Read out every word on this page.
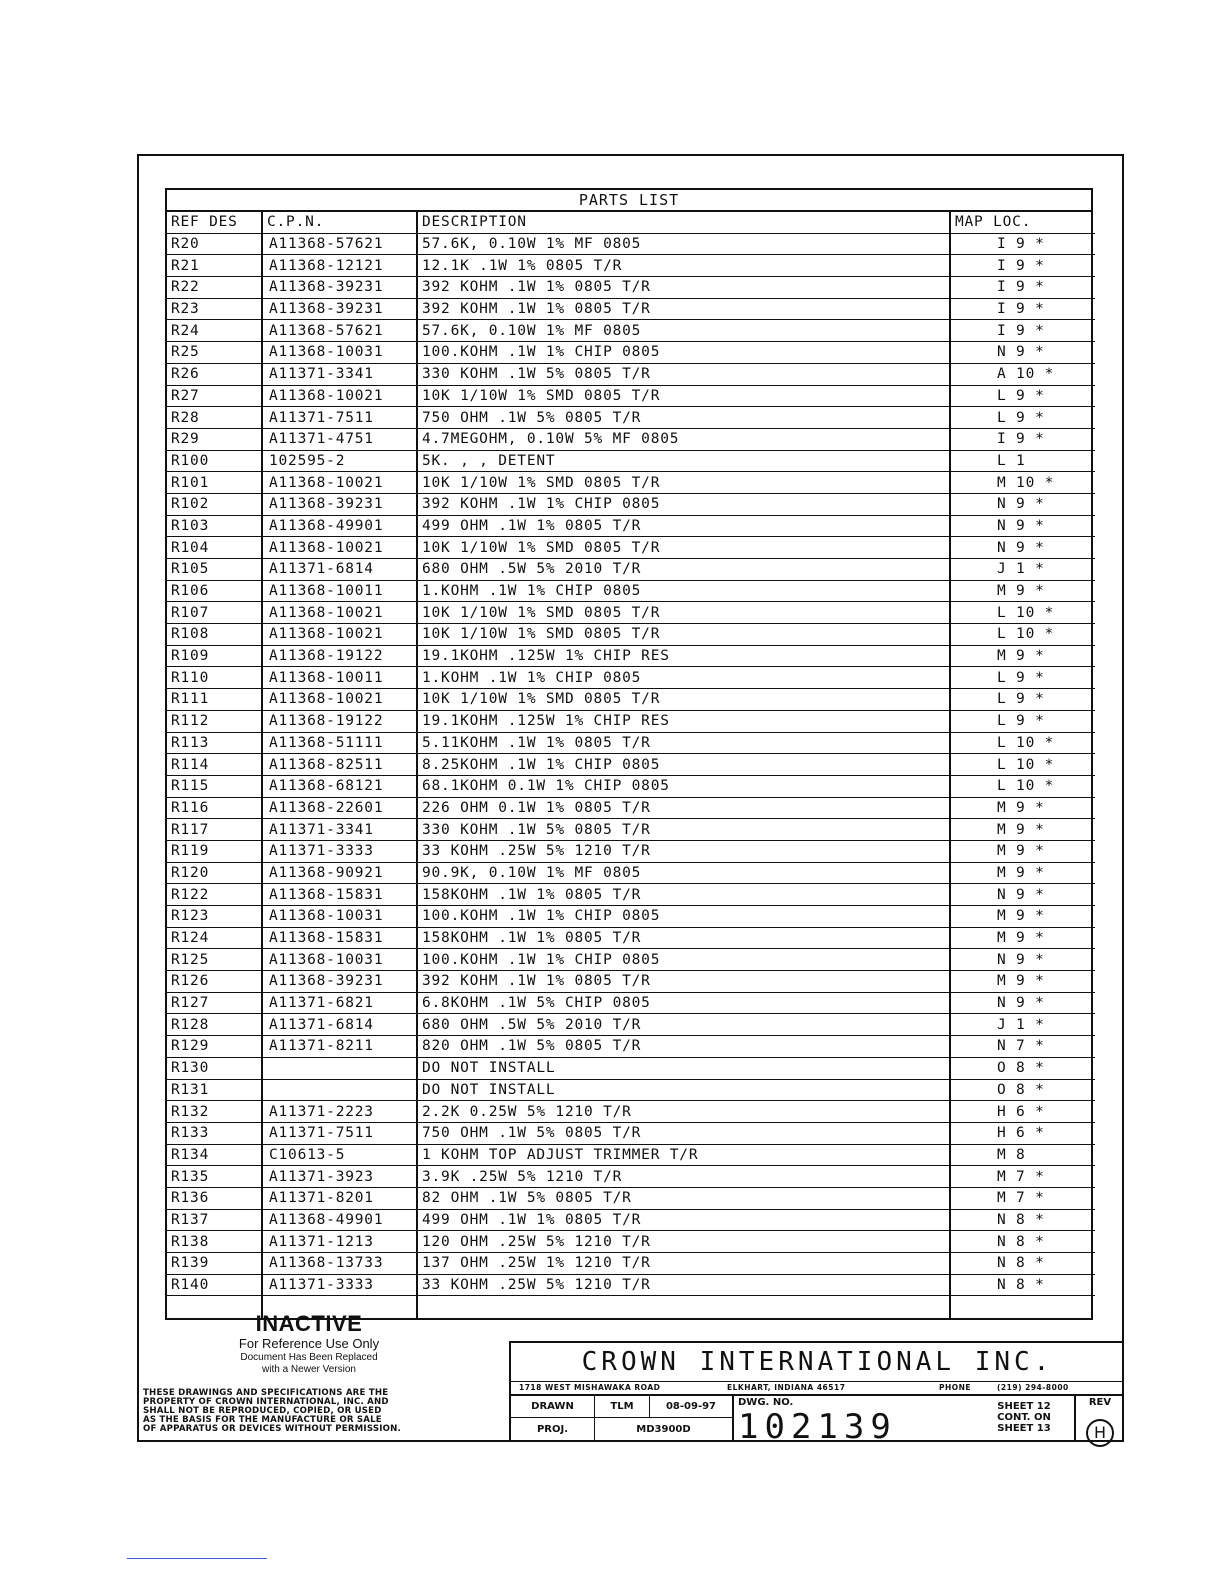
PARTS LIST
REF DES	C.P.N.	DESCRIPTION	MAP LOC.
R20	A11368-57621	57.6K, 0.10W 1% MF 0805	I 9 *
R21	A11368-12121	12.1K .1W 1% 0805 T/R	I 9 *
R22	A11368-39231	392 KOHM .1W 1% 0805 T/R	I 9 *
R23	A11368-39231	392 KOHM .1W 1% 0805 T/R	I 9 *
R24	A11368-57621	57.6K, 0.10W 1% MF 0805	I 9 *
R25	A11368-10031	100.KOHM .1W 1% CHIP 0805	N 9 *
R26	A11371-3341	330 KOHM .1W 5% 0805 T/R	A 10 *
R27	A11368-10021	10K 1/10W 1% SMD 0805 T/R	L 9 *
R28	A11371-7511	750 OHM .1W 5% 0805 T/R	L 9 *
R29	A11371-4751	4.7MEGOHM, 0.10W 5% MF 0805	I 9 *
R100	102595-2	5K. , , DETENT	L 1
R101	A11368-10021	10K 1/10W 1% SMD 0805 T/R	M 10 *
R102	A11368-39231	392 KOHM .1W 1% CHIP 0805	N 9 *
R103	A11368-49901	499 OHM .1W 1% 0805 T/R	N 9 *
R104	A11368-10021	10K 1/10W 1% SMD 0805 T/R	N 9 *
R105	A11371-6814	680 OHM .5W 5% 2010 T/R	J 1 *
R106	A11368-10011	1.KOHM .1W 1% CHIP 0805	M 9 *
R107	A11368-10021	10K 1/10W 1% SMD 0805 T/R	L 10 *
R108	A11368-10021	10K 1/10W 1% SMD 0805 T/R	L 10 *
R109	A11368-19122	19.1KOHM .125W 1% CHIP RES	M 9 *
R110	A11368-10011	1.KOHM .1W 1% CHIP 0805	L 9 *
R111	A11368-10021	10K 1/10W 1% SMD 0805 T/R	L 9 *
R112	A11368-19122	19.1KOHM .125W 1% CHIP RES	L 9 *
R113	A11368-51111	5.11KOHM .1W 1% 0805 T/R	L 10 *
R114	A11368-82511	8.25KOHM .1W 1% CHIP 0805	L 10 *
R115	A11368-68121	68.1KOHM 0.1W 1% CHIP 0805	L 10 *
R116	A11368-22601	226 OHM 0.1W 1% 0805 T/R	M 9 *
R117	A11371-3341	330 KOHM .1W 5% 0805 T/R	M 9 *
R119	A11371-3333	33 KOHM .25W 5% 1210 T/R	M 9 *
R120	A11368-90921	90.9K, 0.10W 1% MF 0805	M 9 *
R122	A11368-15831	158KOHM .1W 1% 0805 T/R	N 9 *
R123	A11368-10031	100.KOHM .1W 1% CHIP 0805	M 9 *
R124	A11368-15831	158KOHM .1W 1% 0805 T/R	M 9 *
R125	A11368-10031	100.KOHM .1W 1% CHIP 0805	N 9 *
R126	A11368-39231	392 KOHM .1W 1% 0805 T/R	M 9 *
R127	A11371-6821	6.8KOHM .1W 5% CHIP 0805	N 9 *
R128	A11371-6814	680 OHM .5W 5% 2010 T/R	J 1 *
R129	A11371-8211	820 OHM .1W 5% 0805 T/R	N 7 *
R130		DO NOT INSTALL	O 8 *
R131		DO NOT INSTALL	O 8 *
R132	A11371-2223	2.2K 0.25W 5% 1210 T/R	H 6 *
R133	A11371-7511	750 OHM .1W 5% 0805 T/R	H 6 *
R134	C10613-5	1 KOHM TOP ADJUST TRIMMER T/R	M 8
R135	A11371-3923	3.9K .25W 5% 1210 T/R	M 7 *
R136	A11371-8201	82 OHM .1W 5% 0805 T/R	M 7 *
R137	A11368-49901	499 OHM .1W 1% 0805 T/R	N 8 *
R138	A11371-1213	120 OHM .25W 5% 1210 T/R	N 8 *
R139	A11368-13733	137 OHM .25W 1% 1210 T/R	N 8 *
R140	A11371-3333	33 KOHM .25W 5% 1210 T/R	N 8 *

INACTIVE
For Reference Use Only
Document Has Been Replaced
with a Newer Version
THESE DRAWINGS AND SPECIFICATIONS ARE THE
PROPERTY OF CROWN INTERNATIONAL, INC. AND
SHALL NOT BE REPRODUCED, COPIED, OR USED
AS THE BASIS FOR THE MANUFACTURE OR SALE
OF APPARATUS OR DEVICES WITHOUT PERMISSION.
CROWN INTERNATIONAL INC.
1718 WEST MISHAWAKA ROAD	ELKHART, INDIANA 46517	PHONE	(219) 294-8000
DRAWN	TLM	08-09-97
PROJ.	MD3900D
DWG. NO.
102139
SHEET 12
CONT. ON
SHEET 13
REV
H
